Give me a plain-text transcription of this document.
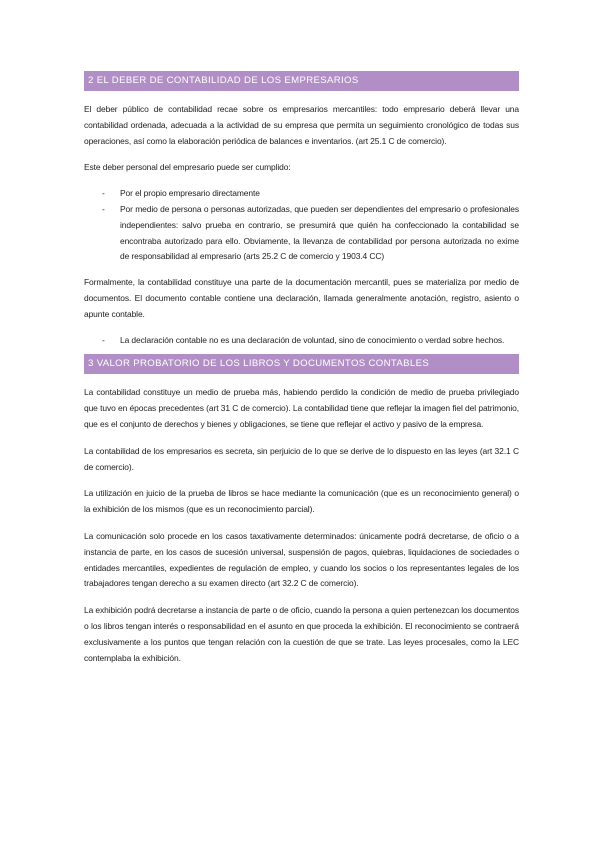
2 EL DEBER DE CONTABILIDAD DE LOS EMPRESARIOS

El deber público de contabilidad recae sobre os empresarios mercantiles: todo empresario deberá llevar una contabilidad ordenada, adecuada a la actividad de su empresa que permita un seguimiento cronológico de todas sus operaciones, así como la elaboración periódica de balances e inventarios. (art 25.1 C de comercio).

Este deber personal del empresario puede ser cumplido:

- Por el propio empresario directamente
- Por medio de persona o personas autorizadas, que pueden ser dependientes del empresario o profesionales independientes: salvo prueba en contrario, se presumirá que quién ha confeccionado la contabilidad se encontraba autorizado para ello. Obviamente, la llevanza de contabilidad por persona autorizada no exime de responsabilidad al empresario (arts 25.2 C de comercio y 1903.4 CC)

Formalmente, la contabilidad constituye una parte de la documentación mercantil, pues se materializa por medio de documentos. El documento contable contiene una declaración, llamada generalmente anotación, registro, asiento o apunte contable.

- La declaración contable no es una declaración de voluntad, sino de conocimiento o verdad sobre hechos.
3 VALOR PROBATORIO DE LOS LIBROS Y DOCUMENTOS CONTABLES

La contabilidad constituye un medio de prueba más, habiendo perdido la condición de medio de prueba privilegiado que tuvo en épocas precedentes (art 31 C de comercio). La contabilidad tiene que reflejar la imagen fiel del patrimonio, que es el conjunto de derechos y bienes y obligaciones, se tiene que reflejar el activo y pasivo de la empresa.

La contabilidad de los empresarios es secreta, sin perjuicio de lo que se derive de lo dispuesto en las leyes (art 32.1 C de comercio).

La utilización en juicio de la prueba de libros se hace mediante la comunicación (que es un reconocimiento general) o la exhibición de los mismos (que es un reconocimiento parcial).

La comunicación solo procede en los casos taxativamente determinados: únicamente podrá decretarse, de oficio o a instancia de parte, en los casos de sucesión universal, suspensión de pagos, quiebras, liquidaciones de sociedades o entidades mercantiles, expedientes de regulación de empleo, y cuando los socios o los representantes legales de los trabajadores tengan derecho a su examen directo (art 32.2 C de comercio).

La exhibición podrá decretarse a instancia de parte o de oficio, cuando la persona a quien pertenezcan los documentos o los libros tengan interés o responsabilidad en el asunto en que proceda la exhibición. El reconocimiento se contraerá exclusivamente a los puntos que tengan relación con la cuestión de que se trate. Las leyes procesales, como la LEC contemplaba la exhibición.
